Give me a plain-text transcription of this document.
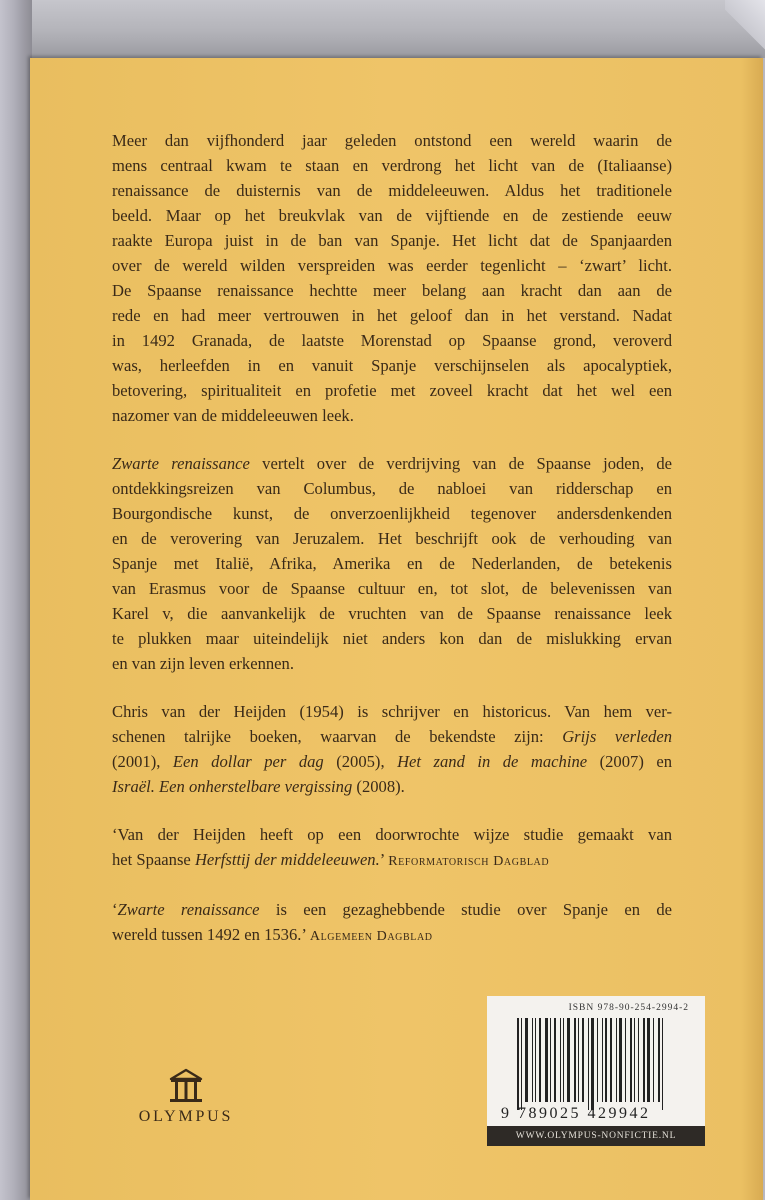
Meer dan vijfhonderd jaar geleden ontstond een wereld waarin de
mens centraal kwam te staan en verdrong het licht van de (Italiaanse)
renaissance de duisternis van de middeleeuwen. Aldus het traditionele
beeld. Maar op het breukvlak van de vijftiende en de zestiende eeuw
raakte Europa juist in de ban van Spanje. Het licht dat de Spanjaarden
over de wereld wilden verspreiden was eerder tegenlicht – ‘zwart’ licht.
De Spaanse renaissance hechtte meer belang aan kracht dan aan de
rede en had meer vertrouwen in het geloof dan in het verstand. Nadat
in 1492 Granada, de laatste Morenstad op Spaanse grond, veroverd
was, herleefden in en vanuit Spanje verschijnselen als apocalyptiek,
betovering, spiritualiteit en profetie met zoveel kracht dat het wel een
nazomer van de middeleeuwen leek.

Zwarte renaissance vertelt over de verdrijving van de Spaanse joden, de
ontdekkingsreizen van Columbus, de nabloei van ridderschap en
Bourgondische kunst, de onverzoenlijkheid tegenover andersdenkenden
en de verovering van Jeruzalem. Het beschrijft ook de verhouding van
Spanje met Italië, Afrika, Amerika en de Nederlanden, de betekenis
van Erasmus voor de Spaanse cultuur en, tot slot, de belevenissen van
Karel v, die aanvankelijk de vruchten van de Spaanse renaissance leek
te plukken maar uiteindelijk niet anders kon dan de mislukking ervan
en van zijn leven erkennen.

Chris van der Heijden (1954) is schrijver en historicus. Van hem ver-
schenen talrijke boeken, waarvan de bekendste zijn: Grijs verleden
(2001), Een dollar per dag (2005), Het zand in de machine (2007) en
Israël. Een onherstelbare vergissing (2008).

‘Van der Heijden heeft op een doorwrochte wijze studie gemaakt van
het Spaanse Herfsttij der middeleeuwen.’ Reformatorisch Dagblad

‘Zwarte renaissance is een gezaghebbende studie over Spanje en de
wereld tussen 1492 en 1536.’ Algemeen Dagblad

OLYMPUS
ISBN 978-90-254-2994-2
9 789025 429942
WWW.OLYMPUS-NONFICTIE.NL
